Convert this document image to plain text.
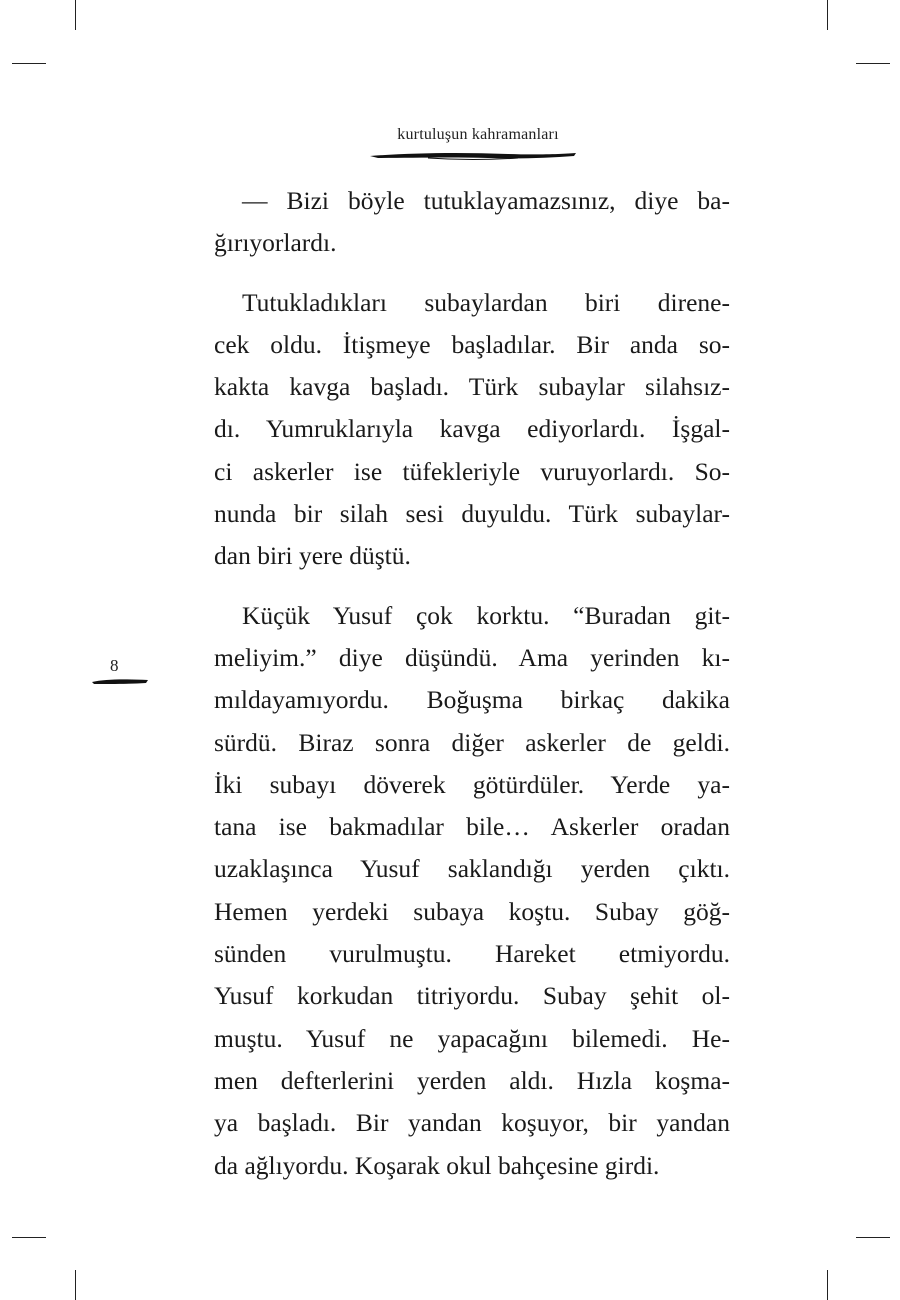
kurtuluşun kahramanları
8
— Bizi böyle tutuklayamazsınız, diye ba-
ğırıyorlardı.
Tutukladıkları subaylardan biri direne-
cek oldu. İtişmeye başladılar. Bir anda so-
kakta kavga başladı. Türk subaylar silahsız-
dı. Yumruklarıyla kavga ediyorlardı. İşgal-
ci askerler ise tüfekleriyle vuruyorlardı. So-
nunda bir silah sesi duyuldu. Türk subaylar-
dan biri yere düştü.
Küçük Yusuf çok korktu. “Buradan git-
meliyim.” diye düşündü. Ama yerinden kı-
mıldayamıyordu. Boğuşma birkaç dakika
sürdü. Biraz sonra diğer askerler de geldi.
İki subayı döverek götürdüler. Yerde ya-
tana ise bakmadılar bile… Askerler oradan
uzaklaşınca Yusuf saklandığı yerden çıktı.
Hemen yerdeki subaya koştu. Subay göğ-
sünden vurulmuştu. Hareket etmiyordu.
Yusuf korkudan titriyordu. Subay şehit ol-
muştu. Yusuf ne yapacağını bilemedi. He-
men defterlerini yerden aldı. Hızla koşma-
ya başladı. Bir yandan koşuyor, bir yandan
da ağlıyordu. Koşarak okul bahçesine girdi.
